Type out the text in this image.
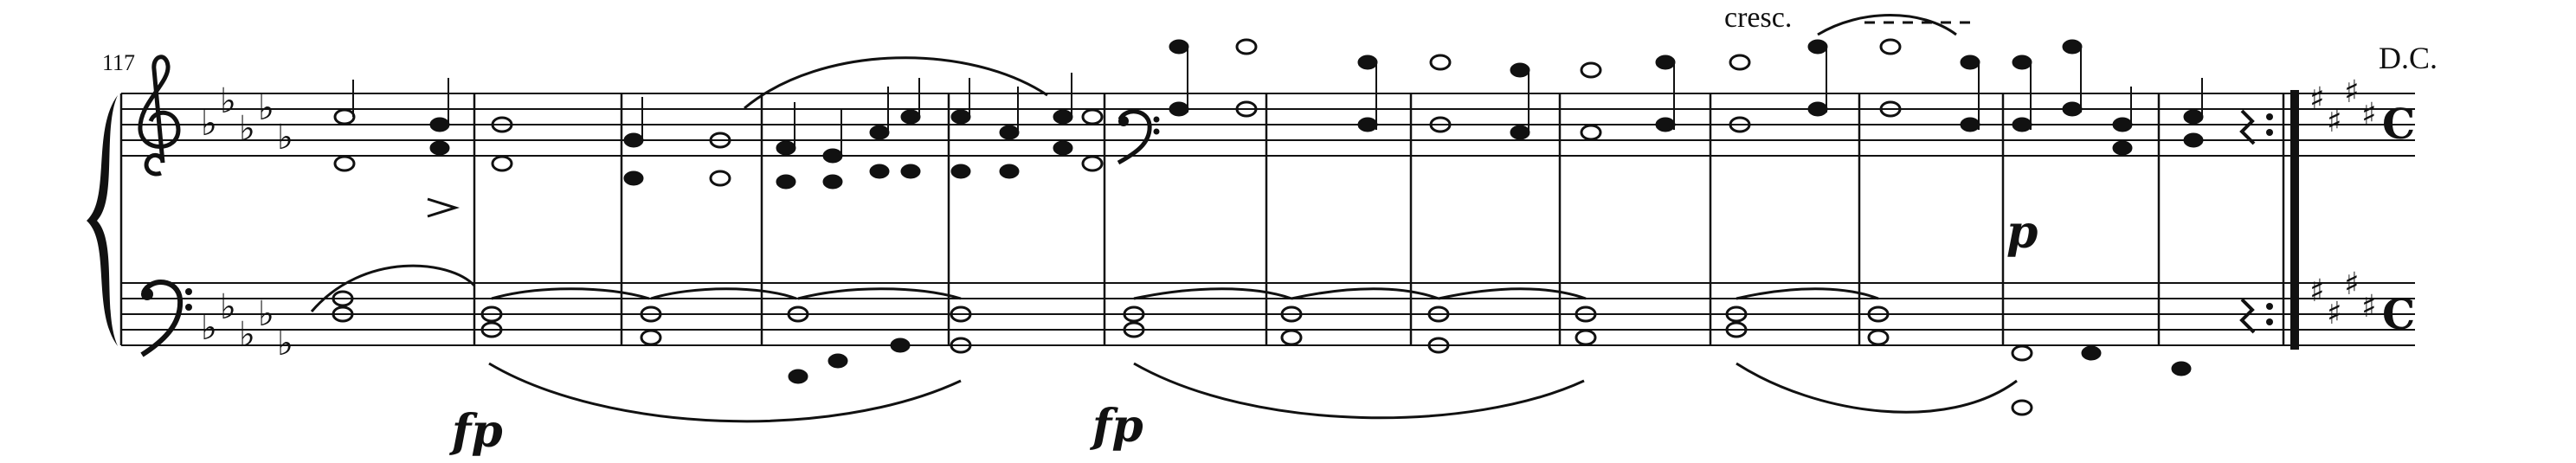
117
cresc.
D.C.
fp	fp
p
♭
♭
♭
♭
♭
♭
♭
♭
♭
♭
♯
♯
♯
♯
♯
♯
♯
♯
C
C
